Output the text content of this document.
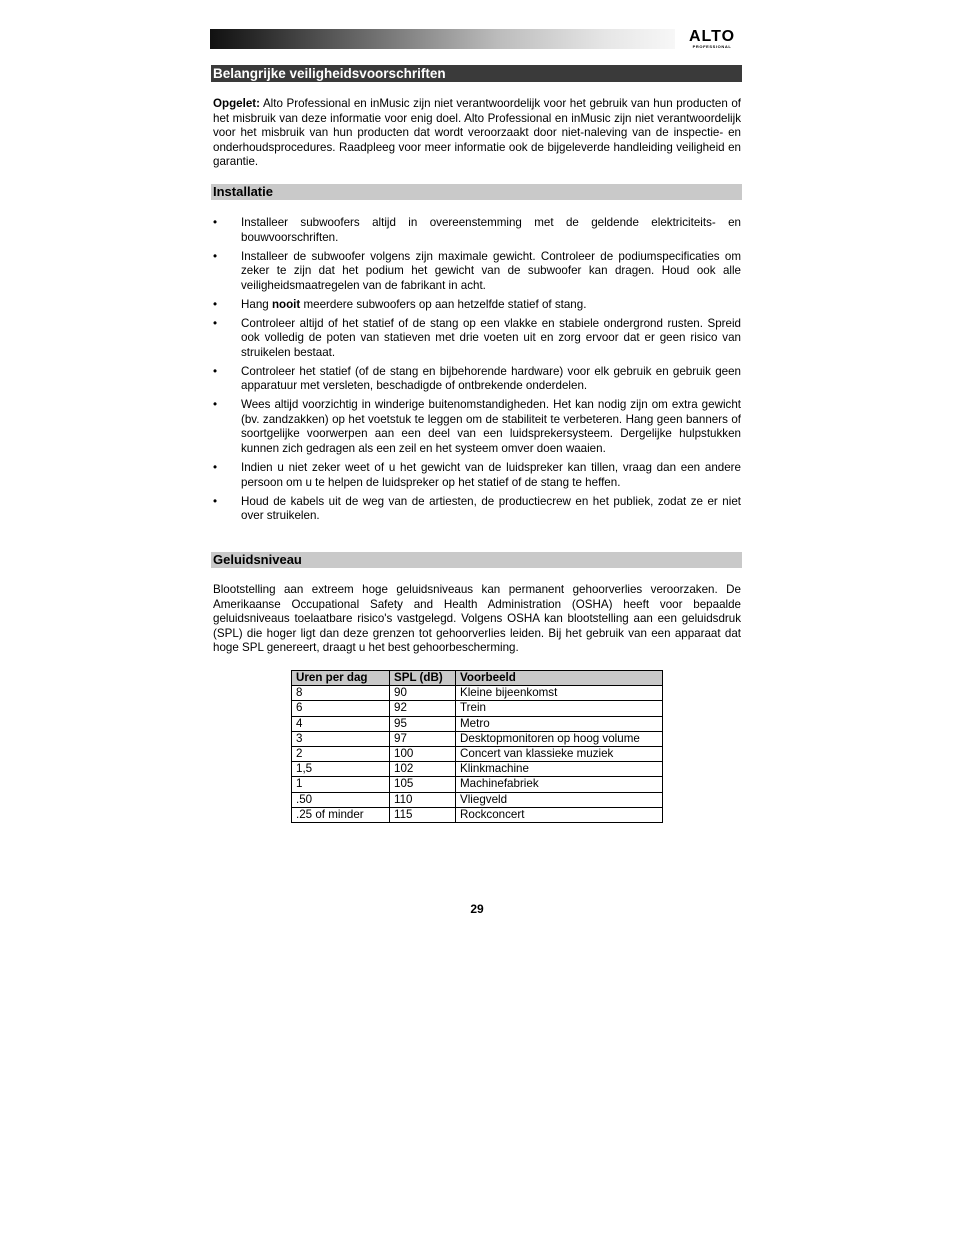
ALTO
PROFESSIONAL
Belangrijke veiligheidsvoorschriften

Opgelet: Alto Professional en inMusic zijn niet verantwoordelijk voor het gebruik van hun producten of het misbruik van deze informatie voor enig doel. Alto Professional en inMusic zijn niet verantwoordelijk voor het misbruik van hun producten dat wordt veroorzaakt door niet-naleving van de inspectie- en onderhoudsprocedures. Raadpleeg voor meer informatie ook de bijgeleverde handleiding veiligheid en garantie.

Installatie
• Installeer subwoofers altijd in overeenstemming met de geldende elektriciteits- en bouwvoorschriften.
• Installeer de subwoofer volgens zijn maximale gewicht. Controleer de podiumspecificaties om zeker te zijn dat het podium het gewicht van de subwoofer kan dragen. Houd ook alle veiligheidsmaatregelen van de fabrikant in acht.
• Hang nooit meerdere subwoofers op aan hetzelfde statief of stang.
• Controleer altijd of het statief of de stang op een vlakke en stabiele ondergrond rusten. Spreid ook volledig de poten van statieven met drie voeten uit en zorg ervoor dat er geen risico van struikelen bestaat.
• Controleer het statief (of de stang en bijbehorende hardware) voor elk gebruik en gebruik geen apparatuur met versleten, beschadigde of ontbrekende onderdelen.
• Wees altijd voorzichtig in winderige buitenomstandigheden. Het kan nodig zijn om extra gewicht (bv. zandzakken) op het voetstuk te leggen om de stabiliteit te verbeteren. Hang geen banners of soortgelijke voorwerpen aan een deel van een luidsprekersysteem. Dergelijke hulpstukken kunnen zich gedragen als een zeil en het systeem omver doen waaien.
• Indien u niet zeker weet of u het gewicht van de luidspreker kan tillen, vraag dan een andere persoon om u te helpen de luidspreker op het statief of de stang te heffen.
• Houd de kabels uit de weg van de artiesten, de productiecrew en het publiek, zodat ze er niet over struikelen.
Geluidsniveau

Blootstelling aan extreem hoge geluidsniveaus kan permanent gehoorverlies veroorzaken. De Amerikaanse Occupational Safety and Health Administration (OSHA) heeft voor bepaalde geluidsniveaus toelaatbare risico's vastgelegd. Volgens OSHA kan blootstelling aan een geluidsdruk (SPL) die hoger ligt dan deze grenzen tot gehoorverlies leiden. Bij het gebruik van een apparaat dat hoge SPL genereert, draagt u het best gehoorbescherming.

Uren per dag	SPL (dB)	Voorbeeld
8	90	Kleine bijeenkomst
6	92	Trein
4	95	Metro
3	97	Desktopmonitoren op hoog volume
2	100	Concert van klassieke muziek
1,5	102	Klinkmachine
1	105	Machinefabriek
.50	110	Vliegveld
.25 of minder	115	Rockconcert
29
